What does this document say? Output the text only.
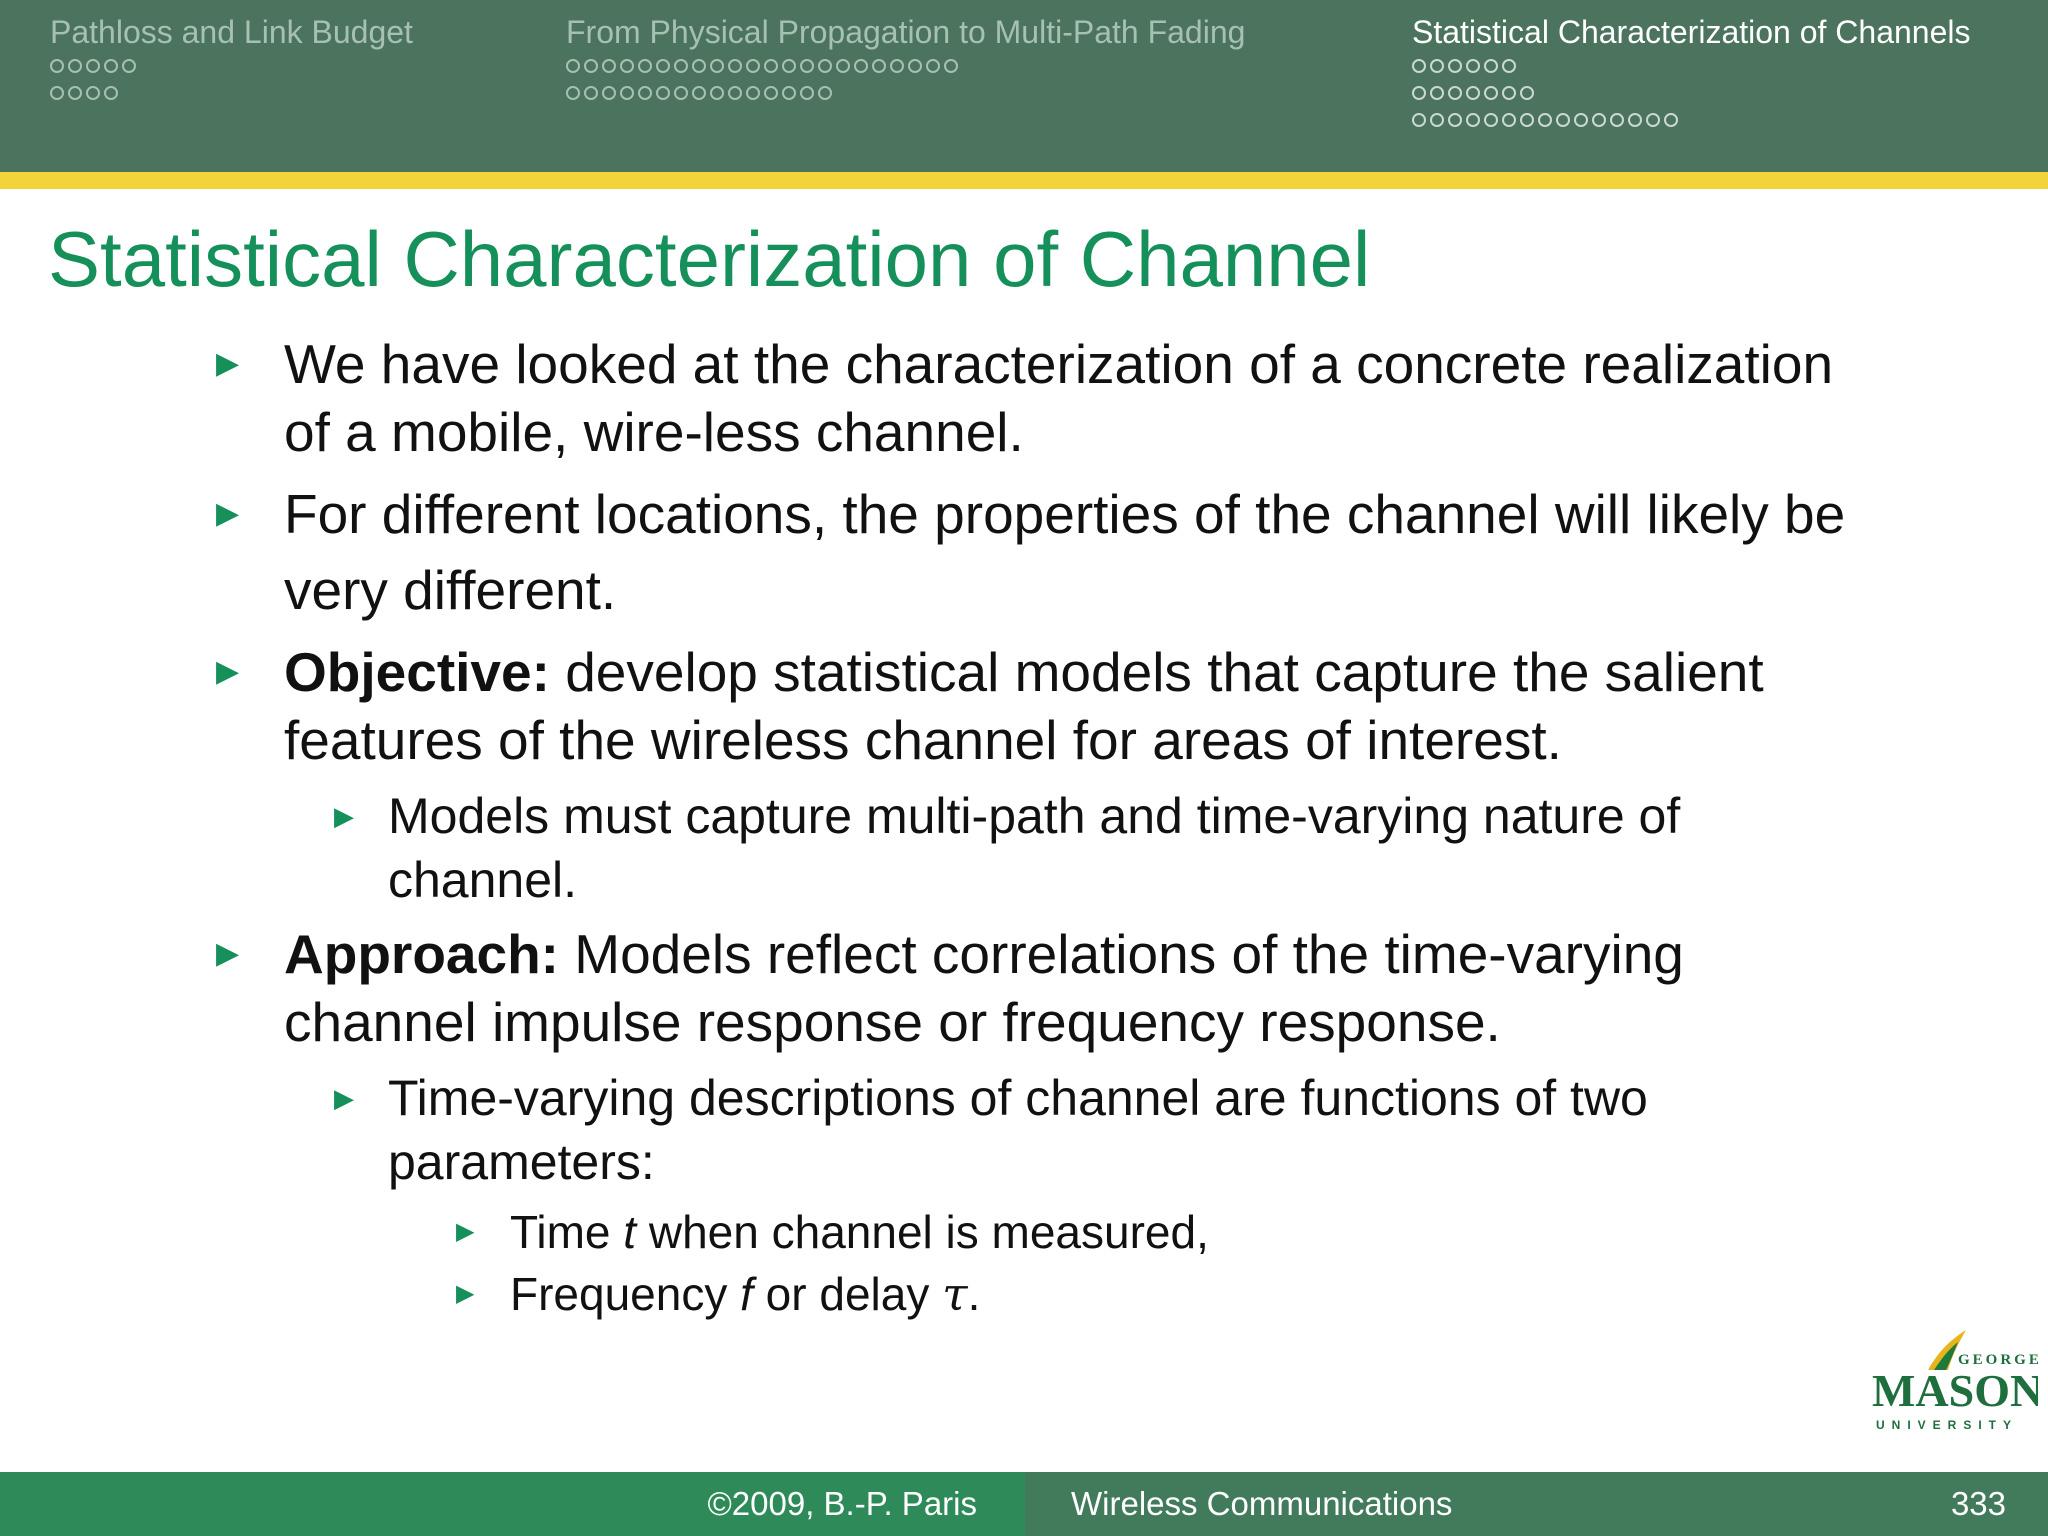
Pathloss and Link Budget	From Physical Propagation to Multi-Path Fading	Statistical Characterization of Channels
Statistical Characterization of Channel
▶ We have looked at the characterization of a concrete realization of a mobile, wire-less channel.
▶ For different locations, the properties of the channel will likely be very different.
▶ Objective: develop statistical models that capture the salient features of the wireless channel for areas of interest.
▶ Models must capture multi-path and time-varying nature of channel.
▶ Approach: Models reflect correlations of the time-varying channel impulse response or frequency response.
▶ Time-varying descriptions of channel are functions of two parameters:
▶ Time t when channel is measured,
▶ Frequency f or delay τ.
GEORGE
MASON
UNIVERSITY
©2009, B.-P. Paris	Wireless Communications	333
